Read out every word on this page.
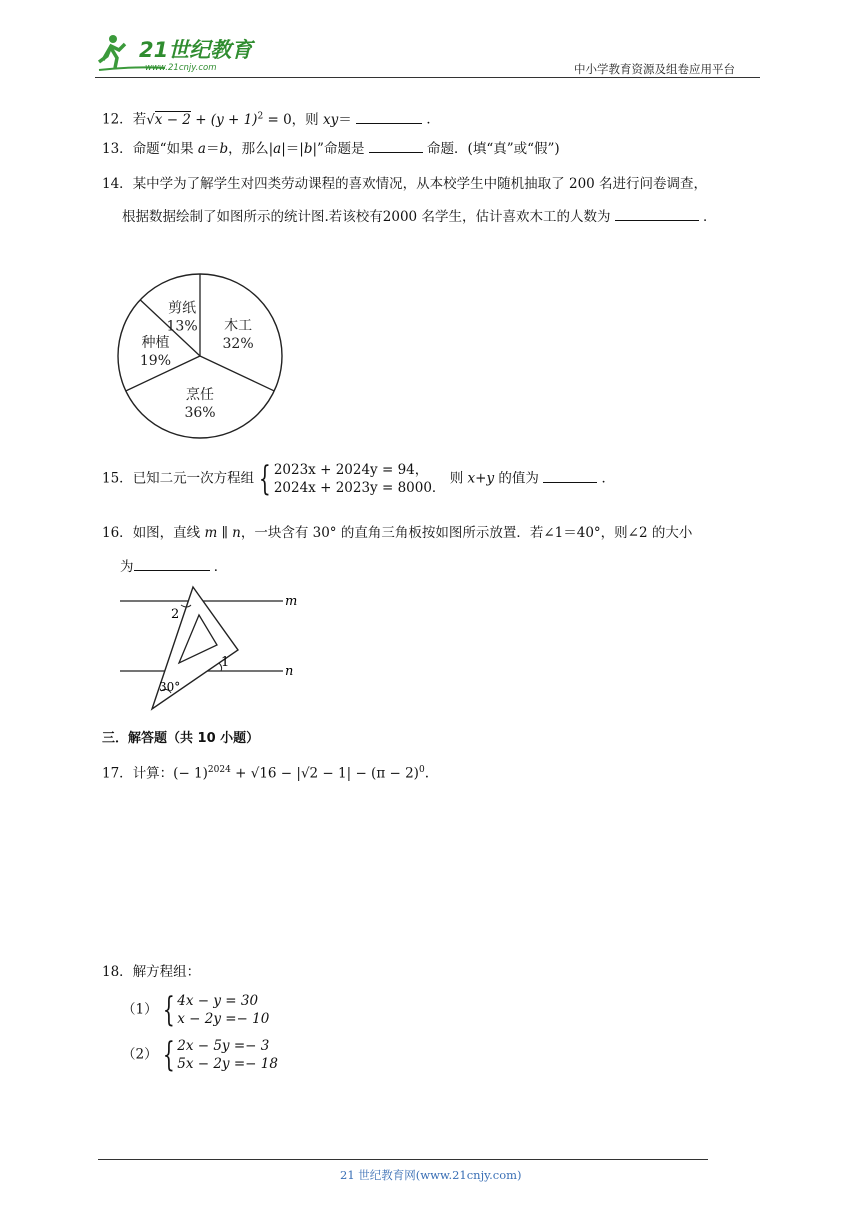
21世纪教育
www.21cnjy.com	中小学教育资源及组卷应用平台
12．若$√x - 2 + (y + 1)^2 = 0$，则 xy＝	．
13．命题“如果 a＝b，那么|a|＝|b|”命题是	命题．(填“真”或“假”)
14．某中学为了解学生对四类劳动课程的喜欢情况，从本校学生中随机抽取了 200 名进行问卷调查，
根据数据绘制了如图所示的统计图.若该校有2000 名学生，估计喜欢木工的人数为	．
木工
32%
烹任
36%
种植
19%
剪纸
13%
15．已知二元一次方程组 { 2023x + 2024y = 94，
2024x + 2023y = 8000．
则 x+y 的值为	．
16．如图，直线 m ∥ n，一块含有 30° 的直角三角板按如图所示放置．若∠1＝40°，则∠2 的大小
为	．
m
n
2
1
30°
三．解答题（共 10 小题）
17．计算：(− $1)^{2024} + √16 - |√2 - 1| - (\pi - 2)^0$.
18．解方程组：
（1） { 4x − y = 30
x − 2y =− 10
（2） { 2x − 5y =− 3
5x − 2y =− 18
21 世纪教育网(www.21cnjy.com)
